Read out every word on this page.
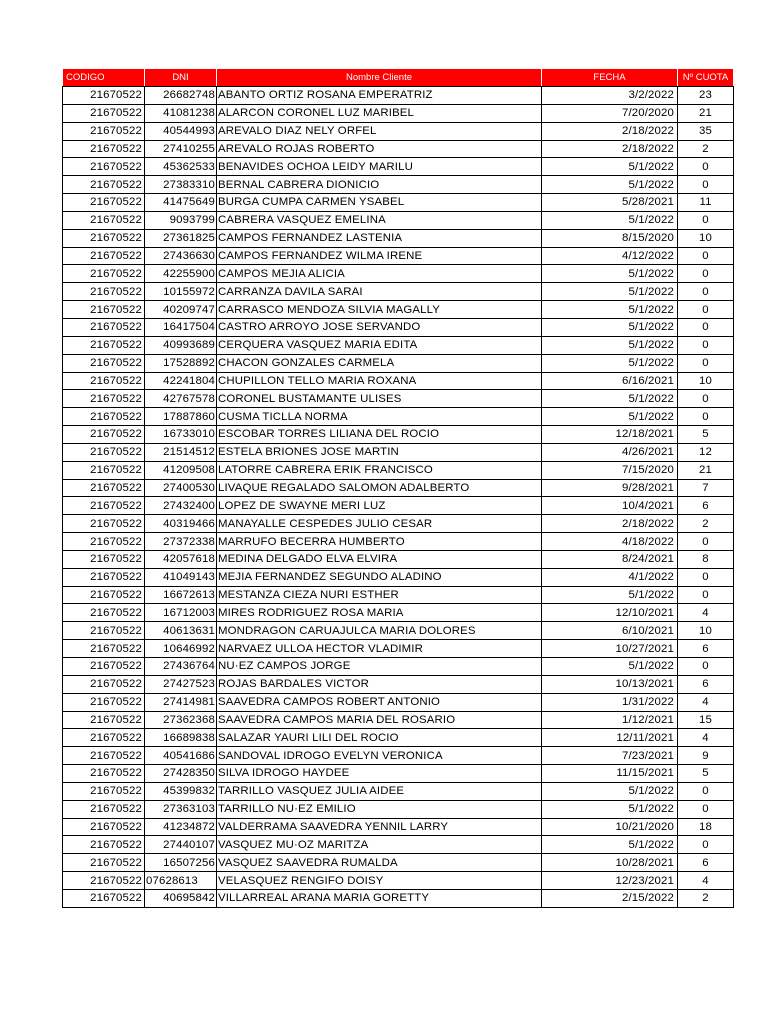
CODIGO	DNI	Nombre Cliente	FECHA	Nº CUOTA
21670522	26682748	ABANTO ORTIZ ROSANA EMPERATRIZ	3/2/2022	23
21670522	41081238	ALARCON CORONEL LUZ MARIBEL	7/20/2020	21
21670522	40544993	AREVALO DIAZ NELY ORFEL	2/18/2022	35
21670522	27410255	AREVALO ROJAS ROBERTO	2/18/2022	2
21670522	45362533	BENAVIDES OCHOA LEIDY MARILU	5/1/2022	0
21670522	27383310	BERNAL CABRERA DIONICIO	5/1/2022	0
21670522	41475649	BURGA CUMPA CARMEN YSABEL	5/28/2021	11
21670522	9093799	CABRERA VASQUEZ EMELINA	5/1/2022	0
21670522	27361825	CAMPOS FERNANDEZ LASTENIA	8/15/2020	10
21670522	27436630	CAMPOS FERNANDEZ WILMA IRENE	4/12/2022	0
21670522	42255900	CAMPOS MEJIA ALICIA	5/1/2022	0
21670522	10155972	CARRANZA DAVILA SARAI	5/1/2022	0
21670522	40209747	CARRASCO MENDOZA SILVIA MAGALLY	5/1/2022	0
21670522	16417504	CASTRO ARROYO JOSE SERVANDO	5/1/2022	0
21670522	40993689	CERQUERA VASQUEZ MARIA EDITA	5/1/2022	0
21670522	17528892	CHACON GONZALES CARMELA	5/1/2022	0
21670522	42241804	CHUPILLON TELLO MARIA ROXANA	6/16/2021	10
21670522	42767578	CORONEL BUSTAMANTE ULISES	5/1/2022	0
21670522	17887860	CUSMA TICLLA NORMA	5/1/2022	0
21670522	16733010	ESCOBAR TORRES LILIANA DEL ROCIO	12/18/2021	5
21670522	21514512	ESTELA BRIONES JOSE MARTIN	4/26/2021	12
21670522	41209508	LATORRE CABRERA ERIK FRANCISCO	7/15/2020	21
21670522	27400530	LIVAQUE REGALADO SALOMON ADALBERTO	9/28/2021	7
21670522	27432400	LOPEZ DE SWAYNE MERI LUZ	10/4/2021	6
21670522	40319466	MANAYALLE CESPEDES JULIO CESAR	2/18/2022	2
21670522	27372338	MARRUFO BECERRA HUMBERTO	4/18/2022	0
21670522	42057618	MEDINA DELGADO ELVA ELVIRA	8/24/2021	8
21670522	41049143	MEJIA FERNANDEZ SEGUNDO ALADINO	4/1/2022	0
21670522	16672613	MESTANZA CIEZA NURI ESTHER	5/1/2022	0
21670522	16712003	MIRES RODRIGUEZ ROSA MARIA	12/10/2021	4
21670522	40613631	MONDRAGON CARUAJULCA MARIA DOLORES	6/10/2021	10
21670522	10646992	NARVAEZ ULLOA HECTOR VLADIMIR	10/27/2021	6
21670522	27436764	NU·EZ CAMPOS JORGE	5/1/2022	0
21670522	27427523	ROJAS BARDALES VICTOR	10/13/2021	6
21670522	27414981	SAAVEDRA CAMPOS ROBERT ANTONIO	1/31/2022	4
21670522	27362368	SAAVEDRA CAMPOS MARIA DEL ROSARIO	1/12/2021	15
21670522	16689838	SALAZAR YAURI LILI DEL ROCIO	12/11/2021	4
21670522	40541686	SANDOVAL IDROGO EVELYN VERONICA	7/23/2021	9
21670522	27428350	SILVA IDROGO HAYDEE	11/15/2021	5
21670522	45399832	TARRILLO VASQUEZ JULIA AIDEE	5/1/2022	0
21670522	27363103	TARRILLO NU·EZ EMILIO	5/1/2022	0
21670522	41234872	VALDERRAMA SAAVEDRA YENNIL LARRY	10/21/2020	18
21670522	27440107	VASQUEZ MU·OZ MARITZA	5/1/2022	0
21670522	16507256	VASQUEZ SAAVEDRA RUMALDA	10/28/2021	6
21670522	07628613	VELASQUEZ RENGIFO DOISY	12/23/2021	4
21670522	40695842	VILLARREAL ARANA MARIA GORETTY	2/15/2022	2
